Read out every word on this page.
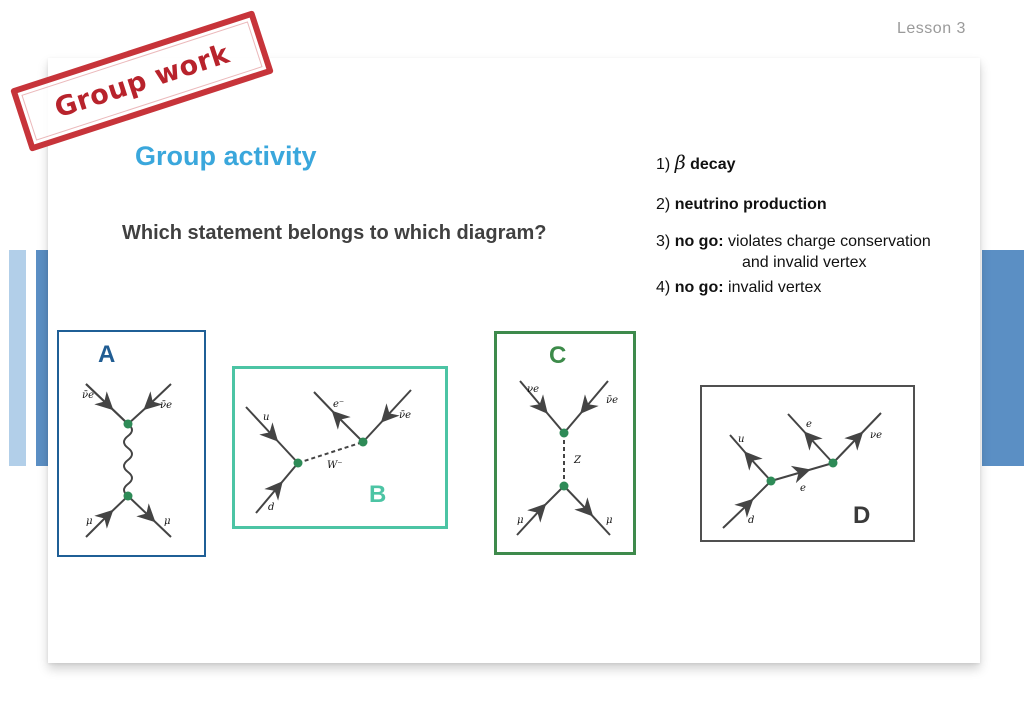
Lesson 3
Group activity
Which statement belongs to which diagram?
1) β decay
2) neutrino production
3) no go: violates charge conservation
and invalid vertex
4) no go: invalid vertex
ν̄e
ν̄e
μ	μ
u
d
e⁻
ν̄e
W⁻
νe
ν̄e
Z
μ	μ
u
d
e
νe
e
A
B
C
D
Group work
